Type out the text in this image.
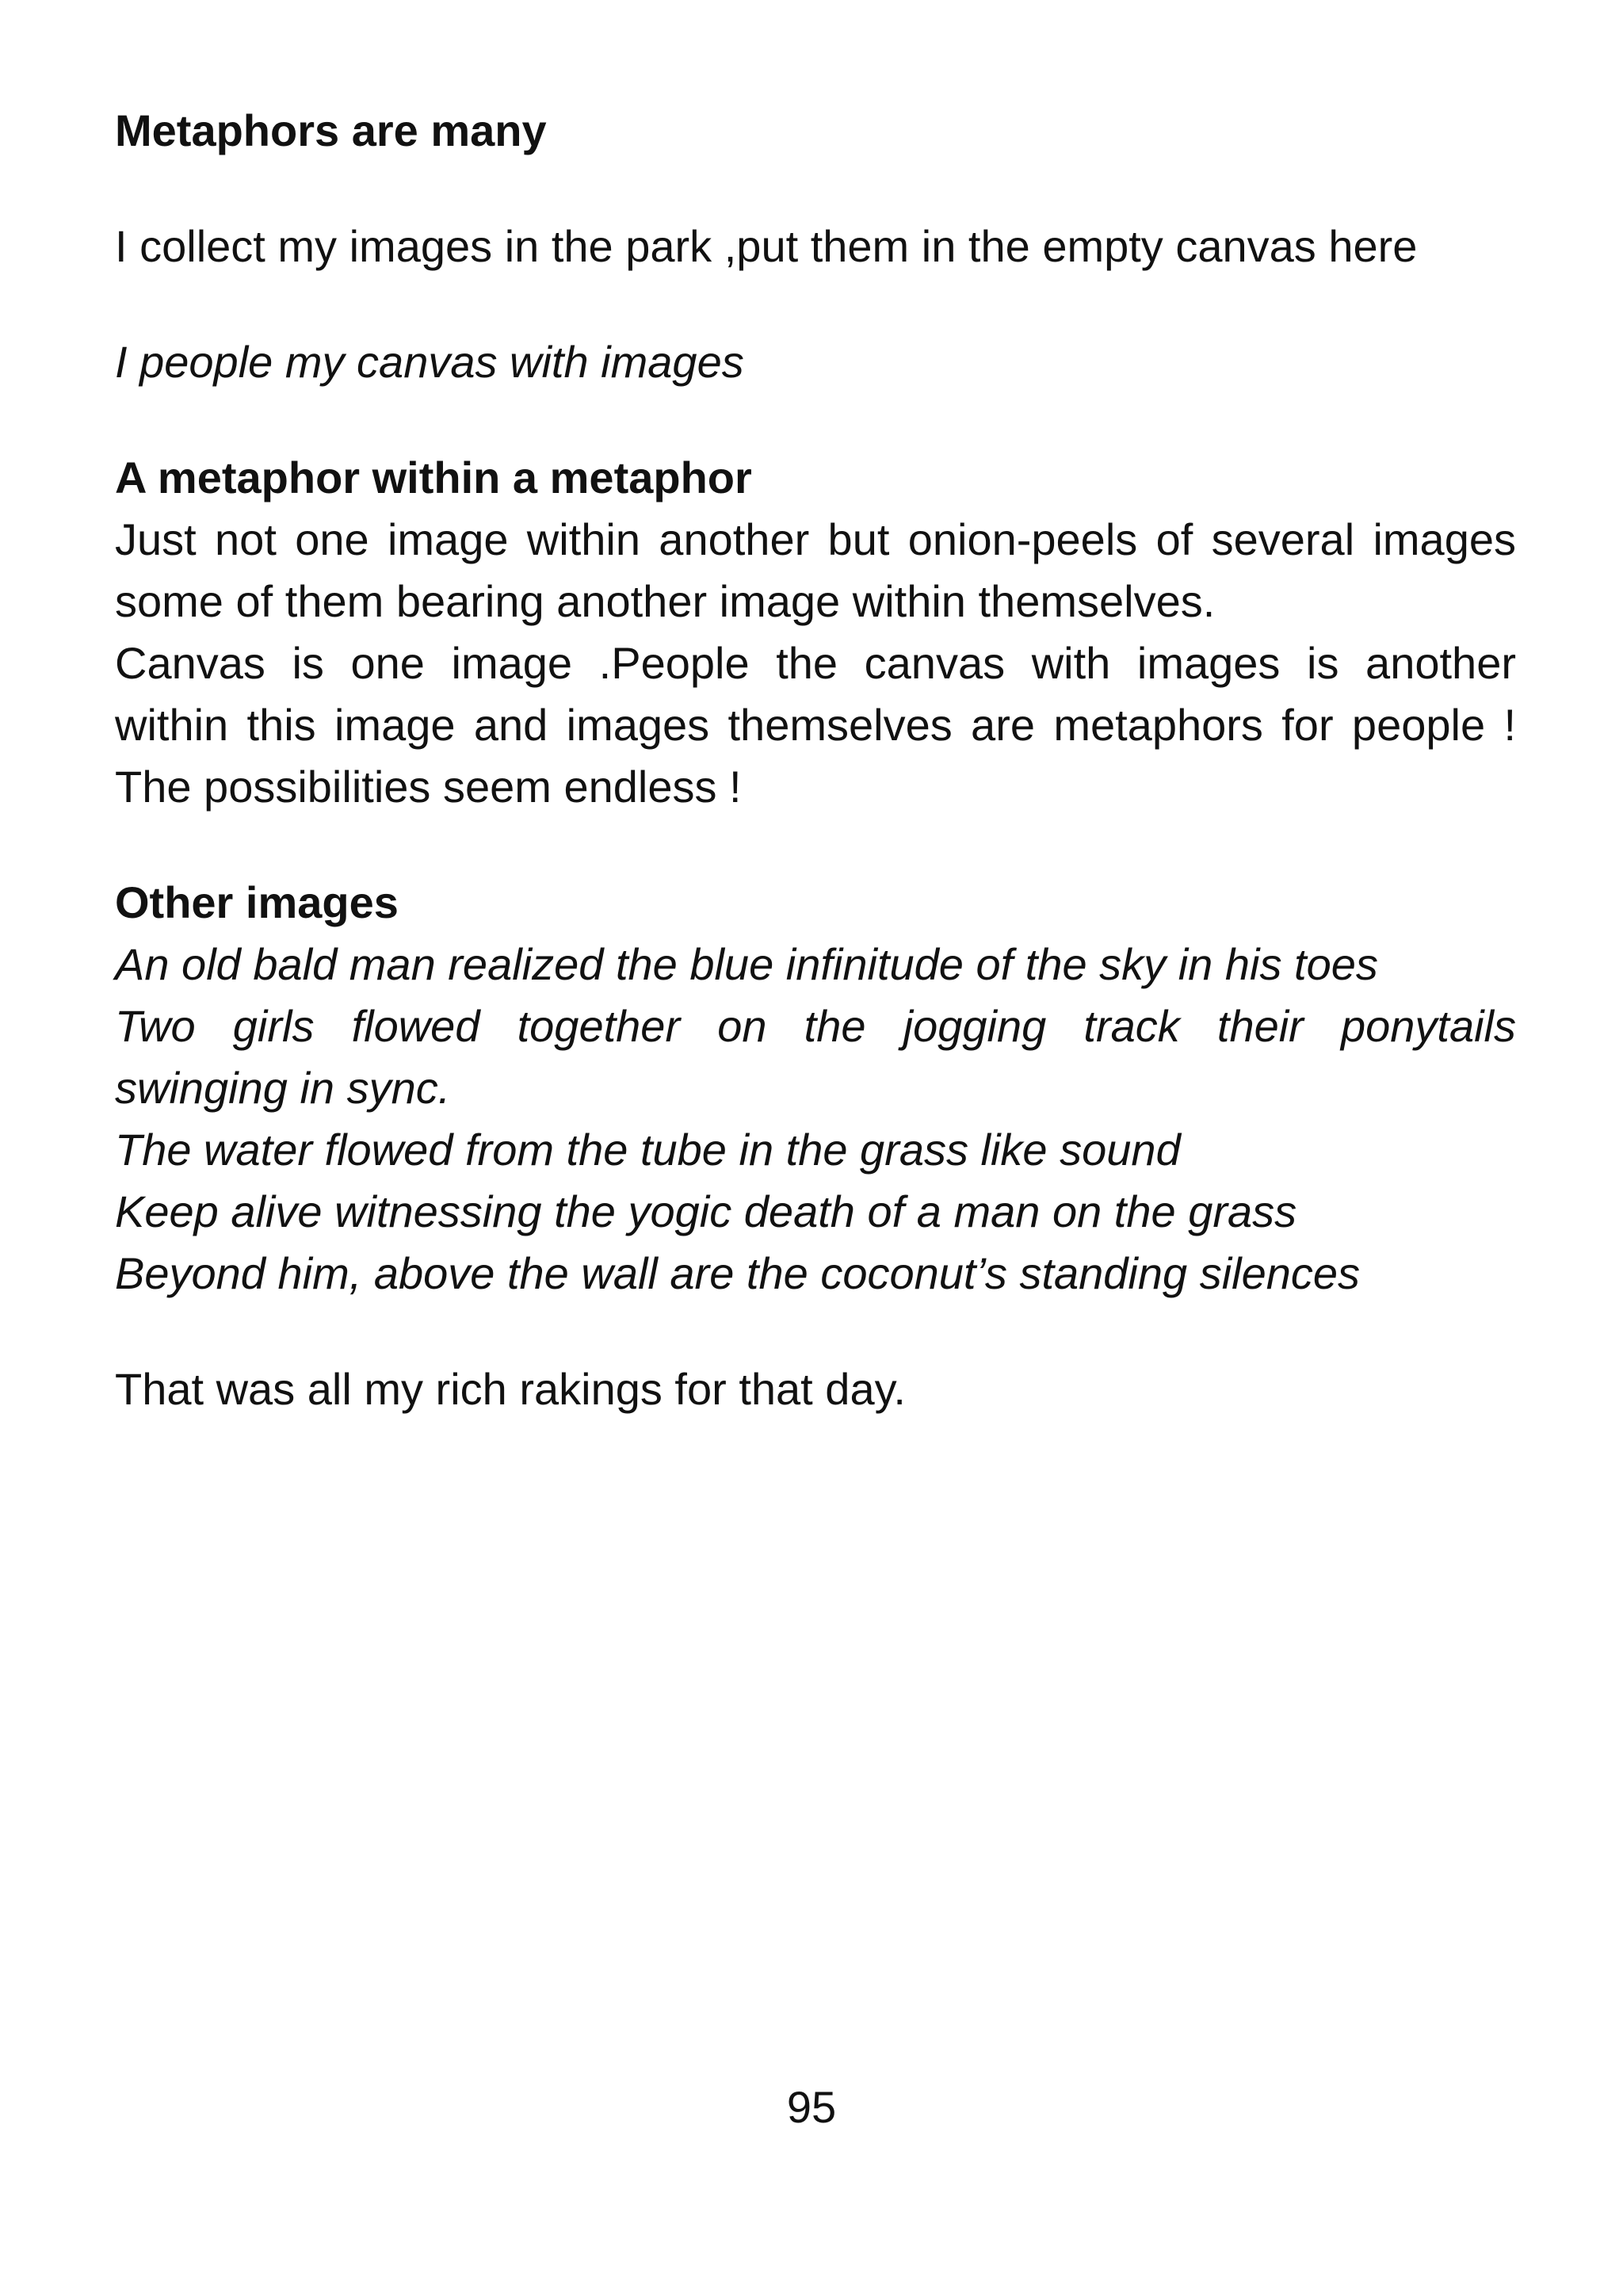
Metaphors are many

I collect my images in the park ,put them in the empty canvas here

I people my canvas with images

A metaphor within a metaphor

Just not one image within another but onion-peels of several images

some of them bearing another image within themselves.

Canvas is one image .People the canvas with images is another

within this image and images themselves are metaphors for people !

The possibilities seem endless !

Other images

An old bald man realized the blue infinitude of the sky in his toes

Two girls flowed together on the jogging track their ponytails

swinging in sync.

The water flowed from the tube in the grass like sound

Keep alive witnessing the yogic death of a man on the grass

Beyond him, above the wall are the coconut’s standing silences

That was all my rich rakings for that day.

95
